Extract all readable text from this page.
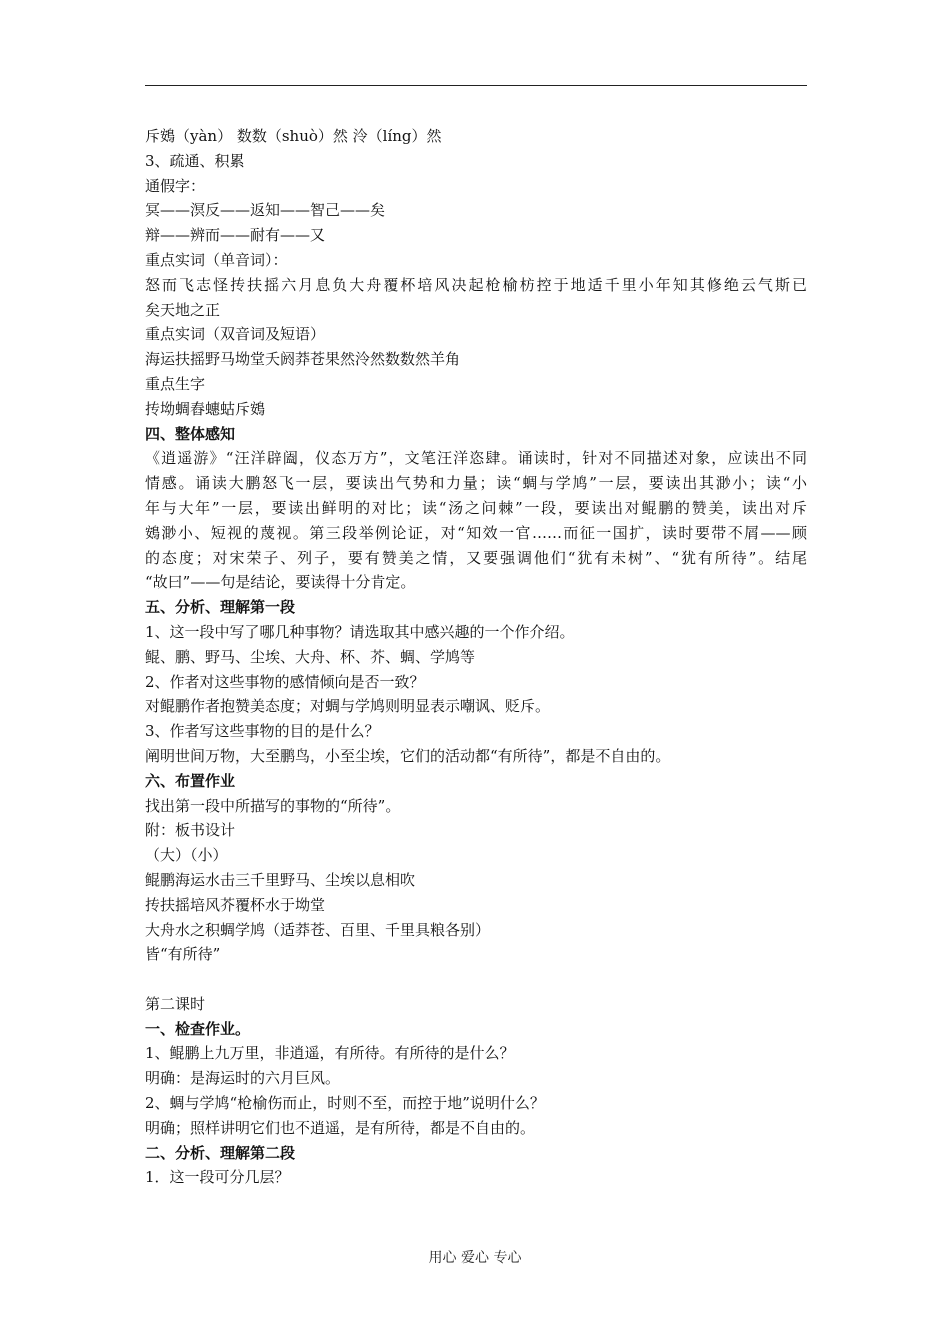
斥鴳（yàn） 数数（shuò）然 泠（líng）然
3、疏通、积累
通假字：
冥——溟反——返知——智己——矣
辩——辨而——耐有——又
重点实词（单音词）：
怒而飞志怪抟扶摇六月息负大舟覆杯培风决起枪榆枋控于地适千里小年知其修绝云气斯已
矣天地之正
重点实词（双音词及短语）
海运扶摇野马坳堂夭阏莽苍果然泠然数数然羊角
重点生字
抟坳蜩舂蟪蛄斥鴳
四、整体感知
《逍遥游》“汪洋辟阖，仪态万方”，文笔汪洋恣肆。诵读时，针对不同描述对象，应读出不同
情感。诵读大鹏怒飞一层，要读出气势和力量；读“蜩与学鸠”一层，要读出其渺小；读“小
年与大年”一层，要读出鲜明的对比；读“汤之问棘”一段，要读出对鲲鹏的赞美，读出对斥
鴳渺小、短视的蔑视。第三段举例论证，对“知效一官……而征一国扩，读时要带不屑——顾
的态度；对宋荣子、列子，要有赞美之情，又要强调他们“犹有未树”、“犹有所待”。结尾
“故曰”——句是结论，要读得十分肯定。
五、分析、理解第一段
1、这一段中写了哪几种事物？请选取其中感兴趣的一个作介绍。
鲲、鹏、野马、尘埃、大舟、杯、芥、蜩、学鸠等
2、作者对这些事物的感情倾向是否一致？
对鲲鹏作者抱赞美态度；对蜩与学鸠则明显表示嘲讽、贬斥。
3、作者写这些事物的目的是什么？
阐明世间万物，大至鹏鸟，小至尘埃，它们的活动都“有所待”，都是不自由的。
六、布置作业
找出第一段中所描写的事物的“所待”。
附：板书设计
（大）（小）
鲲鹏海运水击三千里野马、尘埃以息相吹
抟扶摇培风芥覆杯水于坳堂
大舟水之积蜩学鸠（适莽苍、百里、千里具粮各别）
皆“有所待”
第二课时
一、检查作业。
1、鲲鹏上九万里，非逍遥，有所待。有所待的是什么？
明确：是海运时的六月巨风。
2、蜩与学鸠“枪榆伤而止，时则不至，而控于地”说明什么？
明确；照样讲明它们也不逍遥，是有所待，都是不自由的。
二、分析、理解第二段
1．这一段可分几层？
用心 爱心 专心
